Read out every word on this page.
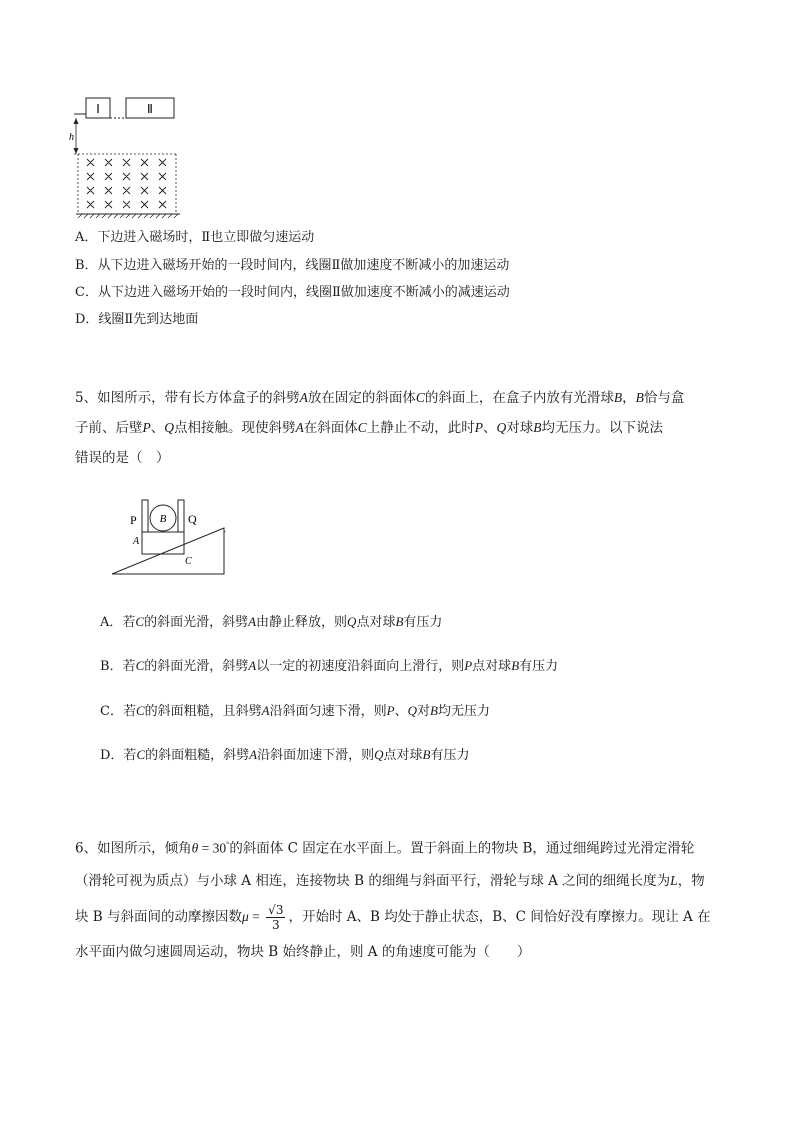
Ⅰ	Ⅱ
h
A．下边进入磁场时，Ⅱ也立即做匀速运动
B．从下边进入磁场开始的一段时间内，线圈Ⅱ做加速度不断减小的加速运动
C．从下边进入磁场开始的一段时间内，线圈Ⅱ做加速度不断减小的减速运动
D．线圈Ⅱ先到达地面

5、如图所示，带有长方体盒子的斜劈A放在固定的斜面体C的斜面上，在盒子内放有光滑球B，B恰与盒

子前、后壁P、Q点相接触。现使斜劈A在斜面体C上静止不动，此时P、Q对球B均无压力。以下说法

错误的是（　）

B
P	Q
A
C
.
A．若C的斜面光滑，斜劈A由静止释放，则Q点对球B有压力
B．若C的斜面光滑，斜劈A以一定的初速度沿斜面向上滑行，则P点对球B有压力
C．若C的斜面粗糙，且斜劈A沿斜面匀速下滑，则P、Q对B均无压力
D．若C的斜面粗糙，斜劈A沿斜面加速下滑，则Q点对球B有压力

6、如图所示，倾角θ = 30°的斜面体 C 固定在水平面上。置于斜面上的物块 B，通过细绳跨过光滑定滑轮

（滑轮可视为质点）与小球 A 相连，连接物块 B 的细绳与斜面平行，滑轮与球 A 之间的细绳长度为L，物

块 B 与斜面间的动摩擦因数$\mu = \frac{√3}{3}$ ，开始时 A、B 均处于静止状态，B、C 间恰好没有摩擦力。现让 A 在

水平面内做匀速圆周运动，物块 B 始终静止，则 A 的角速度可能为（　　）
